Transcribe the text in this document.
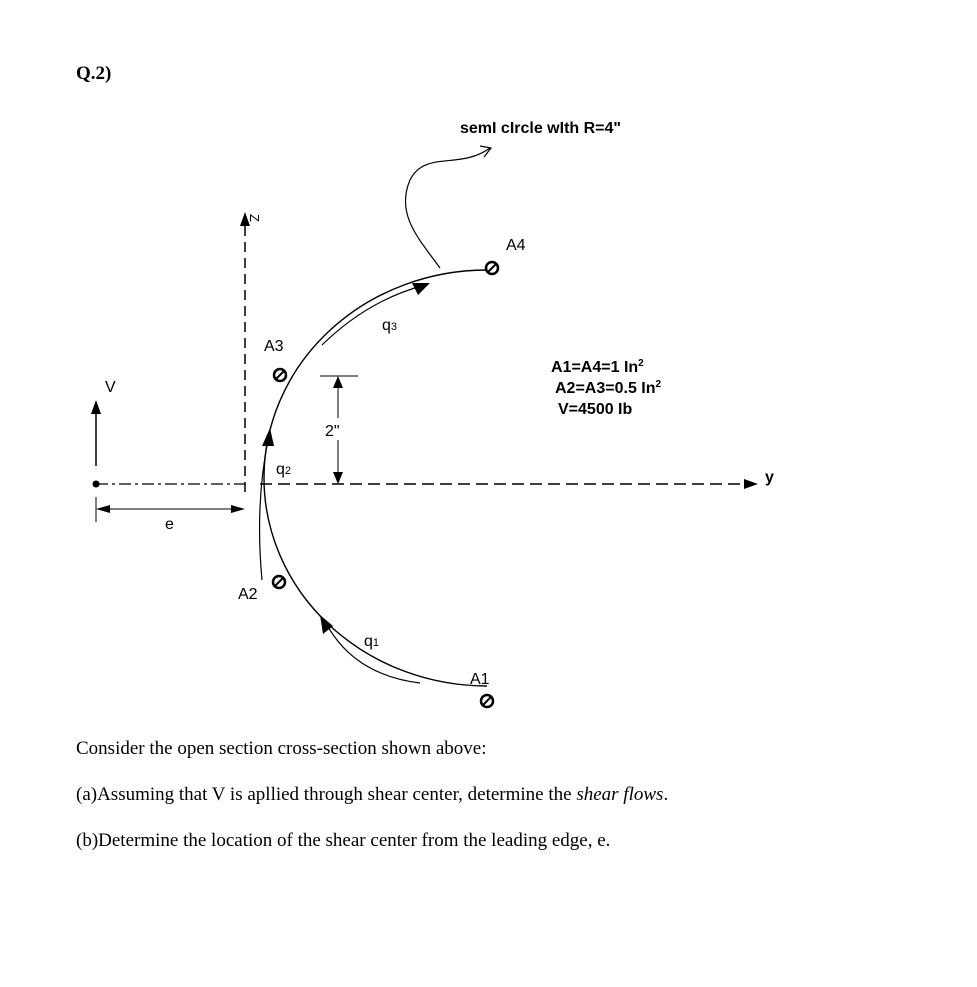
Q.2)
semI cIrcle wIth R=4"
Z
y
V
e
A4
A3
A2
A1
q3
q2
q1
2"
A1=A4=1 In$^2$
A2=A3=0.5 In$^2$
V=4500 Ib
Consider the open section cross-section shown above:
(a)Assuming that V is apllied through shear center, determine the shear flows.
(b)Determine the location of the shear center from the leading edge, e.
